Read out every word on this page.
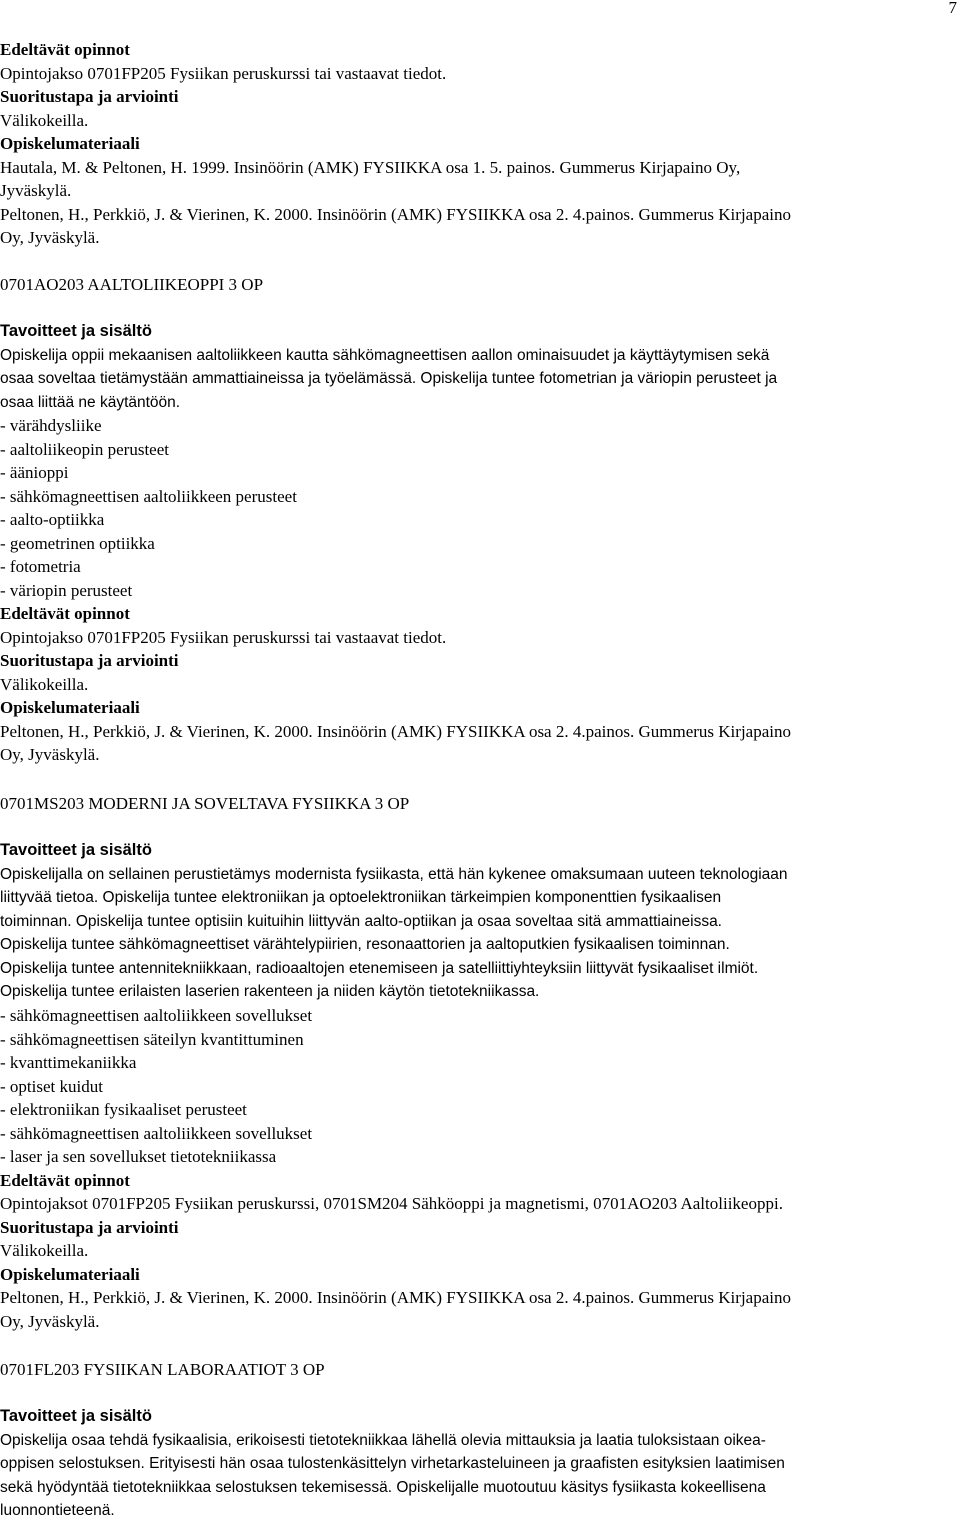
7
Edeltävät opinnot
Opintojakso 0701FP205 Fysiikan peruskurssi tai vastaavat tiedot.
Suoritustapa ja arviointi
Välikokeilla.
Opiskelumateriaali
Hautala, M. & Peltonen, H. 1999. Insinöörin (AMK) FYSIIKKA osa 1. 5. painos. Gummerus Kirjapaino Oy,
Jyväskylä.
Peltonen, H., Perkkiö, J. & Vierinen, K. 2000. Insinöörin (AMK) FYSIIKKA osa 2. 4.painos. Gummerus Kirjapaino
Oy, Jyväskylä.
0701AO203 AALTOLIIKEOPPI 3 OP
Tavoitteet ja sisältö
Opiskelija oppii mekaanisen aaltoliikkeen kautta sähkömagneettisen aallon ominaisuudet ja käyttäytymisen sekä
osaa soveltaa tietämystään ammattiaineissa ja työelämässä. Opiskelija tuntee fotometrian ja väriopin perusteet ja
osaa liittää ne käytäntöön.
- värähdysliike
- aaltoliikeopin perusteet
- äänioppi
- sähkömagneettisen aaltoliikkeen perusteet
- aalto-optiikka
- geometrinen optiikka
- fotometria
- väriopin perusteet
Edeltävät opinnot
Opintojakso 0701FP205 Fysiikan peruskurssi tai vastaavat tiedot.
Suoritustapa ja arviointi
Välikokeilla.
Opiskelumateriaali
Peltonen, H., Perkkiö, J. & Vierinen, K. 2000. Insinöörin (AMK) FYSIIKKA osa 2. 4.painos. Gummerus Kirjapaino
Oy, Jyväskylä.
0701MS203 MODERNI JA SOVELTAVA FYSIIKKA 3 OP
Tavoitteet ja sisältö
Opiskelijalla on sellainen perustietämys modernista fysiikasta, että hän kykenee omaksumaan uuteen teknologiaan
liittyvää tietoa. Opiskelija tuntee elektroniikan ja optoelektroniikan tärkeimpien komponenttien fysikaalisen
toiminnan. Opiskelija tuntee optisiin kuituihin liittyvän aalto-optiikan ja osaa soveltaa sitä ammattiaineissa.
Opiskelija tuntee sähkömagneettiset värähtelypiirien, resonaattorien ja aaltoputkien fysikaalisen toiminnan.
Opiskelija tuntee antennitekniikkaan, radioaaltojen etenemiseen ja satelliittiyhteyksiin liittyvät fysikaaliset ilmiöt.
Opiskelija tuntee erilaisten laserien rakenteen ja niiden käytön tietotekniikassa.
- sähkömagneettisen aaltoliikkeen sovellukset
- sähkömagneettisen säteilyn kvantittuminen
- kvanttimekaniikka
- optiset kuidut
- elektroniikan fysikaaliset perusteet
- sähkömagneettisen aaltoliikkeen sovellukset
- laser ja sen sovellukset tietotekniikassa
Edeltävät opinnot
Opintojaksot 0701FP205 Fysiikan peruskurssi, 0701SM204 Sähköoppi ja magnetismi, 0701AO203 Aaltoliikeoppi.
Suoritustapa ja arviointi
Välikokeilla.
Opiskelumateriaali
Peltonen, H., Perkkiö, J. & Vierinen, K. 2000. Insinöörin (AMK) FYSIIKKA osa 2. 4.painos. Gummerus Kirjapaino
Oy, Jyväskylä.
0701FL203 FYSIIKAN LABORAATIOT 3 OP
Tavoitteet ja sisältö
Opiskelija osaa tehdä fysikaalisia, erikoisesti tietotekniikkaa lähellä olevia mittauksia ja laatia tuloksistaan oikea-
oppisen selostuksen. Erityisesti hän osaa tulostenkäsittelyn virhetarkasteluineen ja graafisten esityksien laatimisen
sekä hyödyntää tietotekniikkaa selostuksen tekemisessä. Opiskelijalle muotoutuu käsitys fysiikasta kokeellisena
luonnontieteenä.
